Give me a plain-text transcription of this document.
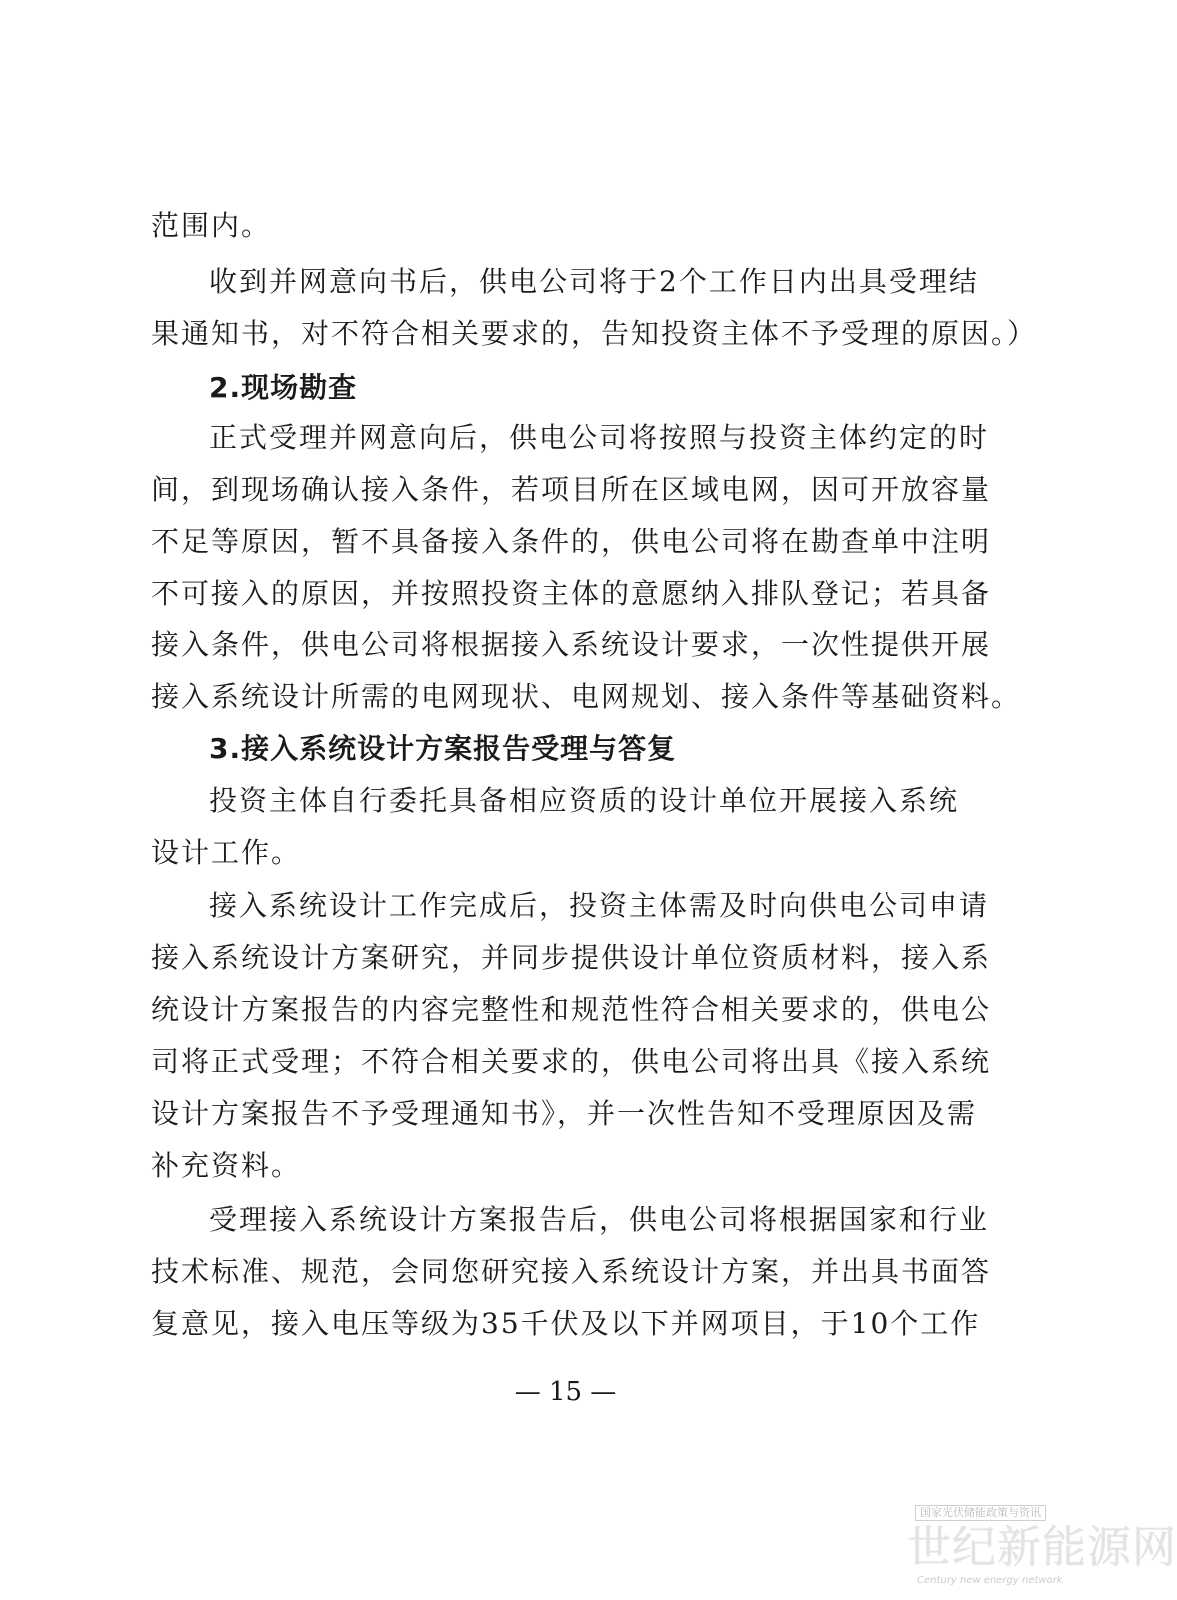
范围内。
收到并网意向书后，供电公司将于2个工作日内出具受理结
果通知书，对不符合相关要求的，告知投资主体不予受理的原因。）
2.现场勘查
正式受理并网意向后，供电公司将按照与投资主体约定的时
间，到现场确认接入条件，若项目所在区域电网，因可开放容量
不足等原因，暂不具备接入条件的，供电公司将在勘查单中注明
不可接入的原因，并按照投资主体的意愿纳入排队登记；若具备
接入条件，供电公司将根据接入系统设计要求，一次性提供开展
接入系统设计所需的电网现状、电网规划、接入条件等基础资料。
3.接入系统设计方案报告受理与答复
投资主体自行委托具备相应资质的设计单位开展接入系统
设计工作。
接入系统设计工作完成后，投资主体需及时向供电公司申请
接入系统设计方案研究，并同步提供设计单位资质材料，接入系
统设计方案报告的内容完整性和规范性符合相关要求的，供电公
司将正式受理；不符合相关要求的，供电公司将出具《接入系统
设计方案报告不予受理通知书》，并一次性告知不受理原因及需
补充资料。
受理接入系统设计方案报告后，供电公司将根据国家和行业
技术标准、规范，会同您研究接入系统设计方案，并出具书面答
复意见，接入电压等级为35千伏及以下并网项目，于10个工作
— 15 —
国家光伏储能政策与资讯
世纪新能源网
Century new energy network
